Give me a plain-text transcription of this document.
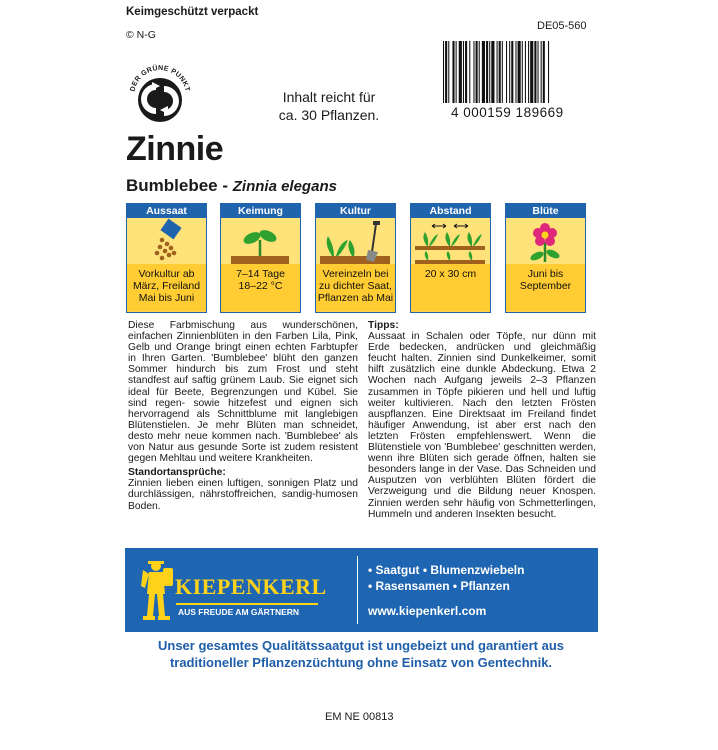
Keimgeschützt verpackt
© N-G
DE05-560
DER GRÜNE PUNKT	Inhalt reicht für
ca. 30 Pflanzen.	4 000159 189669
Zinnie
Bumblebee - Zinnia elegans
Aussaat
Vorkultur ab
März, Freiland
Mai bis Juni
Keimung
7–14 Tage
18–22 °C
Kultur
Vereinzeln bei
zu dichter Saat,
Pflanzen ab Mai
Abstand
20 x 30 cm
Blüte
Juni bis
September

Diese Farbmischung aus wunderschönen, einfachen Zinnienblüten in den Farben Lila, Pink, Gelb und Orange bringt einen echten Farbtupfer in Ihren Garten. 'Bumblebee' blüht den ganzen Sommer hindurch bis zum Frost und steht standfest auf saftig grünem Laub. Sie eignet sich ideal für Beete, Begrenzungen und Kübel. Sie sind regen- sowie hitzefest und eignen sich hervorragend als Schnittblume mit langlebigen Blütenstielen. Je mehr Blüten man schneidet, desto mehr neue kommen nach. 'Bumblebee' als von Natur aus gesunde Sorte ist zudem resistent gegen Mehltau und weitere Krankheiten.

Standortansprüche:

Zinnien lieben einen luftigen, sonnigen Platz und durchlässigen, nährstoffreichen, sandig-humosen Boden.

Tipps:

Aussaat in Schalen oder Töpfe, nur dünn mit Erde bedecken, andrücken und gleichmäßig feucht halten. Zinnien sind Dunkelkeimer, somit hilft zusätzlich eine dunkle Abdeckung. Etwa 2 Wochen nach Aufgang jeweils 2–3 Pflanzen zusammen in Töpfe pikieren und hell und luftig weiter kultivieren. Nach den letzten Frösten auspflanzen. Eine Direktsaat im Freiland findet häufiger Anwendung, ist aber erst nach den letzten Frösten empfehlenswert. Wenn die Blütenstiele von 'Bumblebee' geschnitten werden, wenn ihre Blüten sich gerade öffnen, halten sie besonders lange in der Vase. Das Schneiden und Ausputzen von verblühten Blüten fördert die Verzweigung und die Bildung neuer Knospen. Zinnien werden sehr häufig von Schmetterlingen, Hummeln und anderen Insekten besucht.

KIEPENKERL
AUS FREUDE AM GÄRTNERN
• Saatgut • Blumenzwiebeln
• Rasensamen • Pflanzen
www.kiepenkerl.com
Unser gesamtes Qualitätssaatgut ist ungebeizt und garantiert aus
traditioneller Pflanzenzüchtung ohne Einsatz von Gentechnik.
EM NE 00813
